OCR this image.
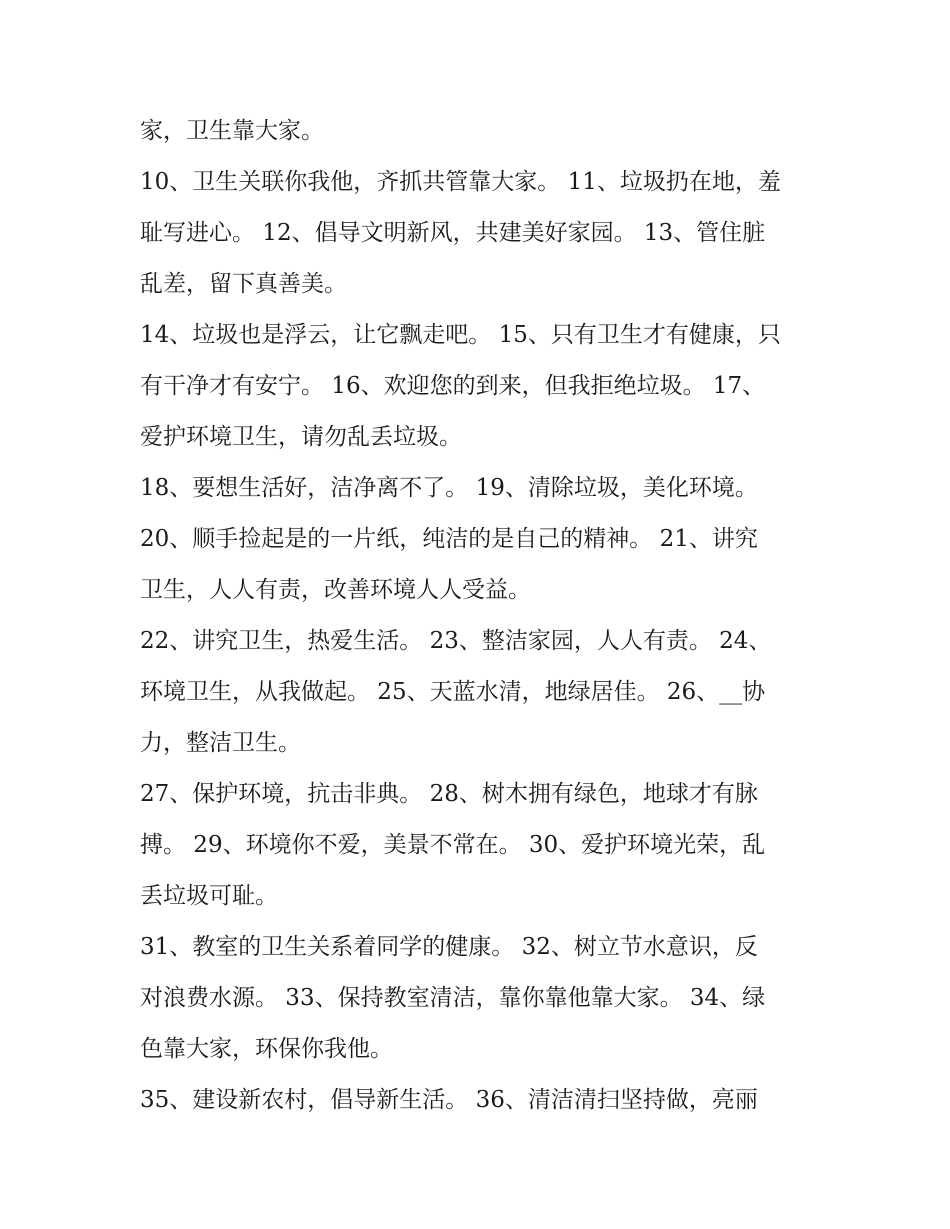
家，卫生靠大家。
10、卫生关联你我他，齐抓共管靠大家。 11、垃圾扔在地，羞
耻写进心。 12、倡导文明新风，共建美好家园。 13、管住脏
乱差，留下真善美。
14、垃圾也是浮云，让它飘走吧。 15、只有卫生才有健康，只
有干净才有安宁。 16、欢迎您的到来，但我拒绝垃圾。 17、
爱护环境卫生，请勿乱丢垃圾。
18、要想生活好，洁净离不了。 19、清除垃圾，美化环境。
20、顺手捡起是的一片纸，纯洁的是自己的精神。 21、讲究
卫生，人人有责，改善环境人人受益。
22、讲究卫生，热爱生活。 23、整洁家园，人人有责。 24、
环境卫生，从我做起。 25、天蓝水清，地绿居佳。 26、__协
力，整洁卫生。
27、保护环境，抗击非典。 28、树木拥有绿色，地球才有脉
搏。 29、环境你不爱，美景不常在。 30、爱护环境光荣，乱
丢垃圾可耻。
31、教室的卫生关系着同学的健康。 32、树立节水意识，反
对浪费水源。 33、保持教室清洁，靠你靠他靠大家。 34、绿
色靠大家，环保你我他。
35、建设新农村，倡导新生活。 36、清洁清扫坚持做，亮丽
